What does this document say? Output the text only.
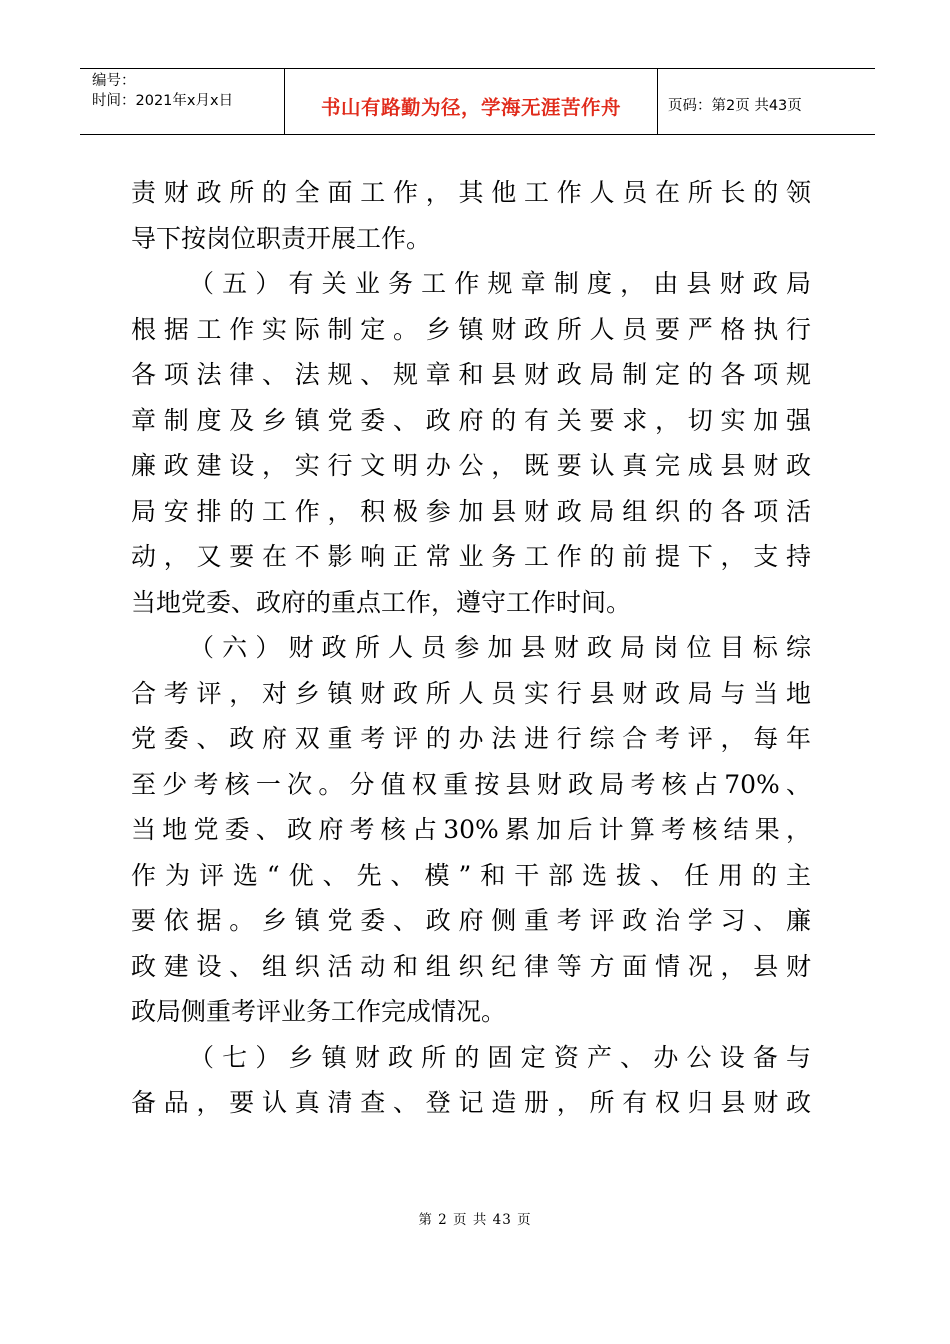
编号：
时间：2021年x月x日	书山有路勤为径，学海无涯苦作舟	页码：第2页 共43页
责财政所的全面工作，其他工作人员在所长的领
导下按岗位职责开展工作。
（五）有关业务工作规章制度，由县财政局
根据工作实际制定。乡镇财政所人员要严格执行
各项法律、法规、规章和县财政局制定的各项规
章制度及乡镇党委、政府的有关要求，切实加强
廉政建设，实行文明办公，既要认真完成县财政
局安排的工作，积极参加县财政局组织的各项活
动，又要在不影响正常业务工作的前提下，支持
当地党委、政府的重点工作，遵守工作时间。
（六）财政所人员参加县财政局岗位目标综
合考评，对乡镇财政所人员实行县财政局与当地
党委、政府双重考评的办法进行综合考评，每年
至少考核一次。分值权重按县财政局考核占70%、
当地党委、政府考核占30%累加后计算考核结果，
作为评选“优、先、模”和干部选拔、任用的主
要依据。乡镇党委、政府侧重考评政治学习、廉
政建设、组织活动和组织纪律等方面情况，县财
政局侧重考评业务工作完成情况。
（七）乡镇财政所的固定资产、办公设备与
备品，要认真清查、登记造册，所有权归县财政
第 2 页 共 43 页
